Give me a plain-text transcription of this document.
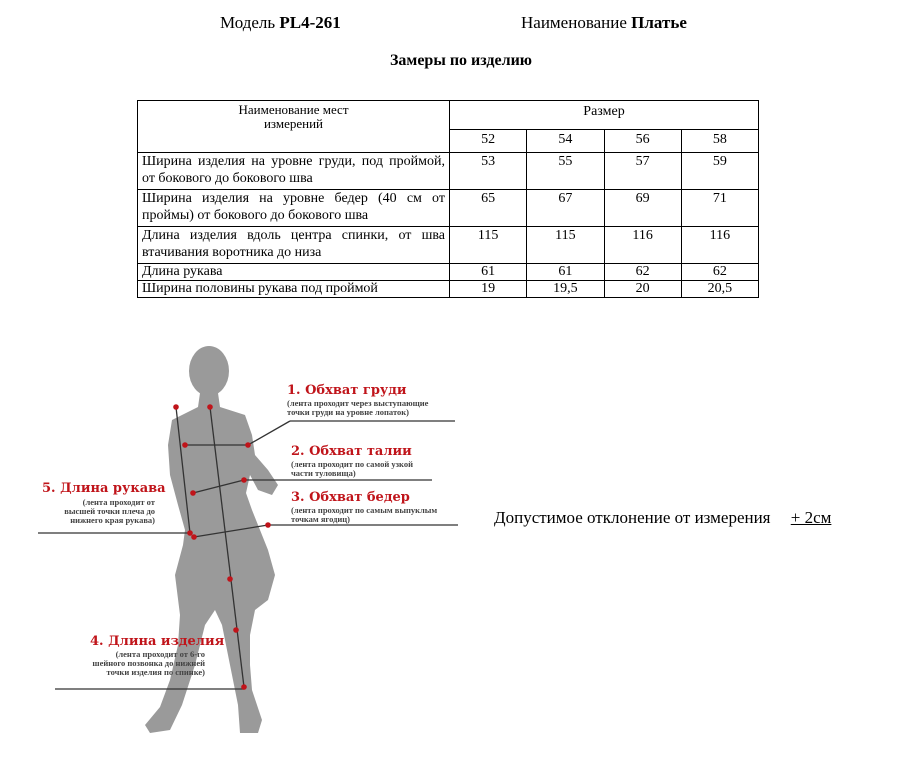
Модель PL4-261	Наименование Платье
Замеры по изделию
Наименование мест измерений	Размер			
	52	54	56	58
Ширина изделия на уровне груди, под проймой, от бокового до бокового шва	53	55	57	59
Ширина изделия на уровне бедер (40 см от проймы) от бокового до бокового шва	65	67	69	71
Длина изделия вдоль центра спинки, от шва втачивания воротника до низа	115	115	116	116
Длина рукава	61	61	62	62
Ширина половины рукава под проймой	19	19,5	20	20,5
1. Обхват груди
(лента проходит через выступающие
точки груди на уровне лопаток)
2. Обхват талии
(лента проходит по самой узкой
части туловища)
3. Обхват бедер
(лента проходит по самым выпуклым
точкам ягодиц)
5. Длина рукава
(лента проходит от
высшей точки плеча до
нижнего края рукава)
4. Длина изделия
(лента проходит от 6-го
шейного позвонка до нижней
точки изделия по спинке)
Допустимое отклонение от измерения + 2см
